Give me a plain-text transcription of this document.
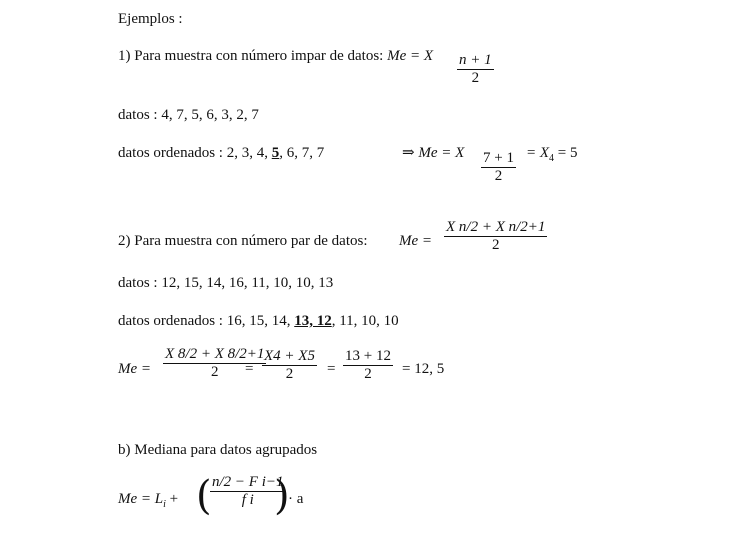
Ejemplos :
1) Para muestra con número impar de datos: Me = X $\frac{n + 1}{2}$
datos : 4, 7, 5, 6, 3, 2, 7
datos ordenados : 2, 3, 4, 5, 6, 7, 7	⇒ Me = X $\frac{7 + 1}{2} = X_4 = 5$
2) Para muestra con número par de datos: $Me = \frac{\text{X n/2 + X n/2+1}}{2}$
datos : 12, 15, 14, 16, 11, 10, 10, 13
datos ordenados : 16, 15, 14, 13, 12, 11, 10, 10
$Me = \frac{X 8/2 + X 8/2+1}{2}$
= $\frac{X4 + X5}{2} = \frac{13 + 12}{2} = 12$, 5
b) Mediana para datos agrupados
$Me = L_i$ + (
$\frac{\text{n/2 − F i−1}}{\text{f i}}$
)
· a
